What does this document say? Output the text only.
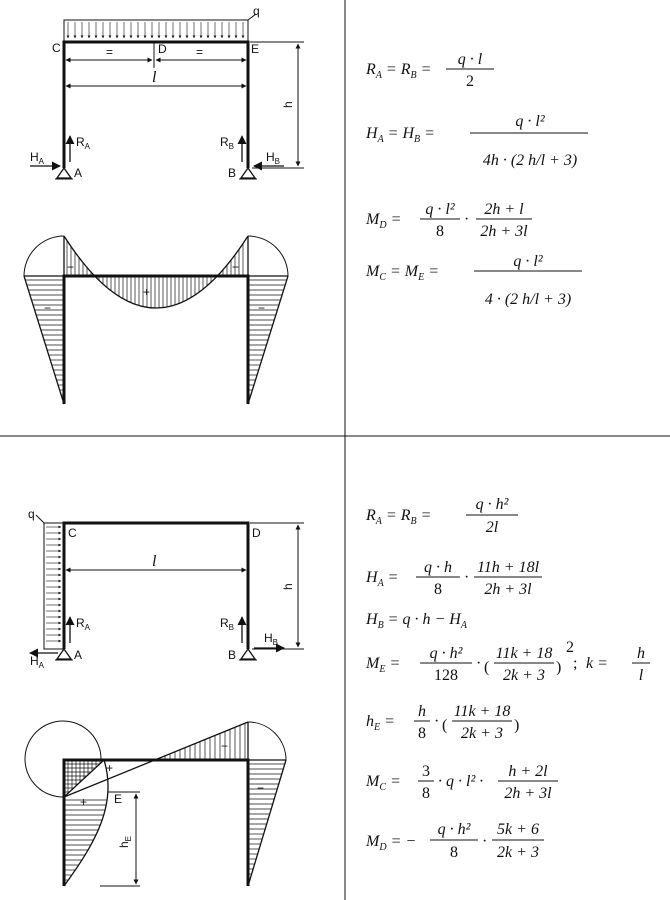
q
C	D	E
A	B
=	=
l
h
$R_A$
$H_A$
$R_B$
$H_B$
−	−
+
−	−
$R_A = R_B$ =
q · l
2
$H_A = H_B$ =
q · l²
4h · (2 h/l + 3)
$M_D$ =
q · l²
8
·
2h + l
2h + 3l
$M_C = M_E$ =
q · l²
4 · (2 h/l + 3)
q
C	D
A	B
l
h
$R_A$
$H_A$
$R_B$
$H_B$
$h_E$
E
+
+
−
−
$R_A = R_B$ =
q · h²
2l
$H_A$ =
q · h
8
·
11h + 18l
2h + 3l
$H_B = q \cdot h - H_A$
$M_E$ =
q · h²
128
· (
11k + 18
2k + 3 )
2
; k =
h
l
$h_E$ =
h
8
· (
11k + 18
2k + 3 )
$M_C$ =
3
8
· q · l² ·
h + 2l
2h + 3l
$M_D$ = −
q · h²
8
·
5k + 6
2k + 3
